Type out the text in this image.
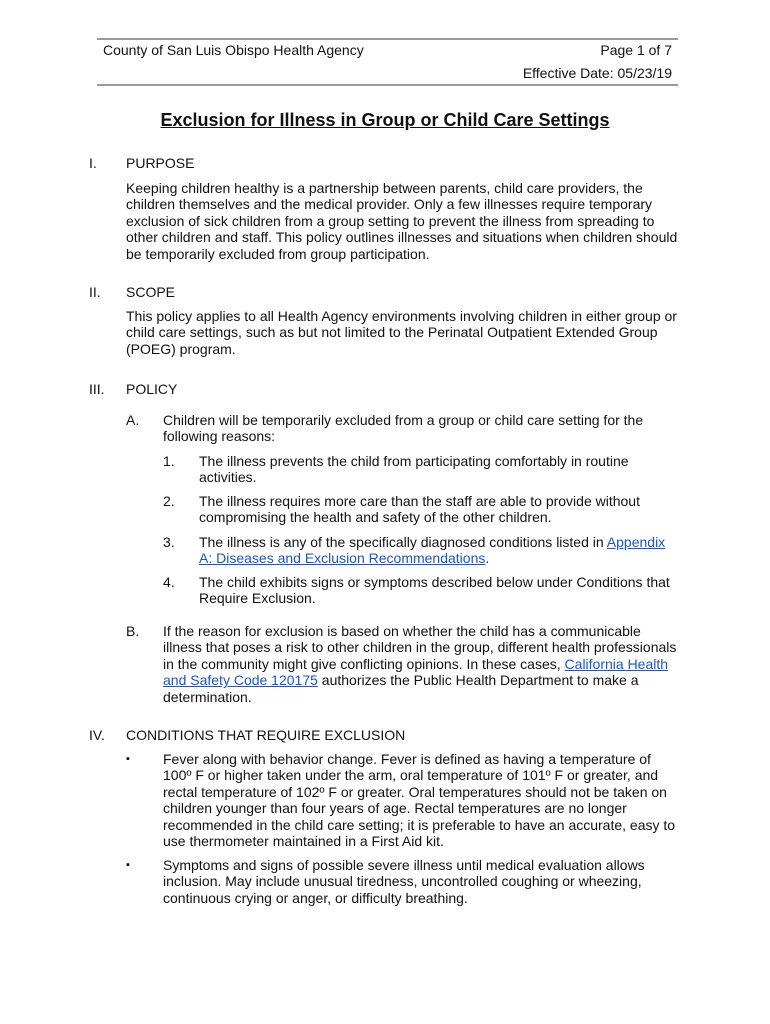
County of San Luis Obispo Health Agency	Page 1 of 7
Effective Date: 05/23/19
Exclusion for Illness in Group or Child Care Settings
I. PURPOSE
Keeping children healthy is a partnership between parents, child care providers, the children themselves and the medical provider. Only a few illnesses require temporary exclusion of sick children from a group setting to prevent the illness from spreading to other children and staff. This policy outlines illnesses and situations when children should be temporarily excluded from group participation.
II. SCOPE
This policy applies to all Health Agency environments involving children in either group or child care settings, such as but not limited to the Perinatal Outpatient Extended Group (POEG) program.
III. POLICY
A. Children will be temporarily excluded from a group or child care setting for the following reasons:
1. The illness prevents the child from participating comfortably in routine activities.
2. The illness requires more care than the staff are able to provide without compromising the health and safety of the other children.
3. The illness is any of the specifically diagnosed conditions listed in Appendix A: Diseases and Exclusion Recommendations.
4. The child exhibits signs or symptoms described below under Conditions that Require Exclusion.
B. If the reason for exclusion is based on whether the child has a communicable illness that poses a risk to other children in the group, different health professionals in the community might give conflicting opinions. In these cases, California Health and Safety Code 120175 authorizes the Public Health Department to make a determination.
IV. CONDITIONS THAT REQUIRE EXCLUSION
▪ Fever along with behavior change. Fever is defined as having a temperature of 100º F or higher taken under the arm, oral temperature of 101º F or greater, and rectal temperature of 102º F or greater. Oral temperatures should not be taken on children younger than four years of age. Rectal temperatures are no longer recommended in the child care setting; it is preferable to have an accurate, easy to use thermometer maintained in a First Aid kit.
▪ Symptoms and signs of possible severe illness until medical evaluation allows inclusion. May include unusual tiredness, uncontrolled coughing or wheezing, continuous crying or anger, or difficulty breathing.
